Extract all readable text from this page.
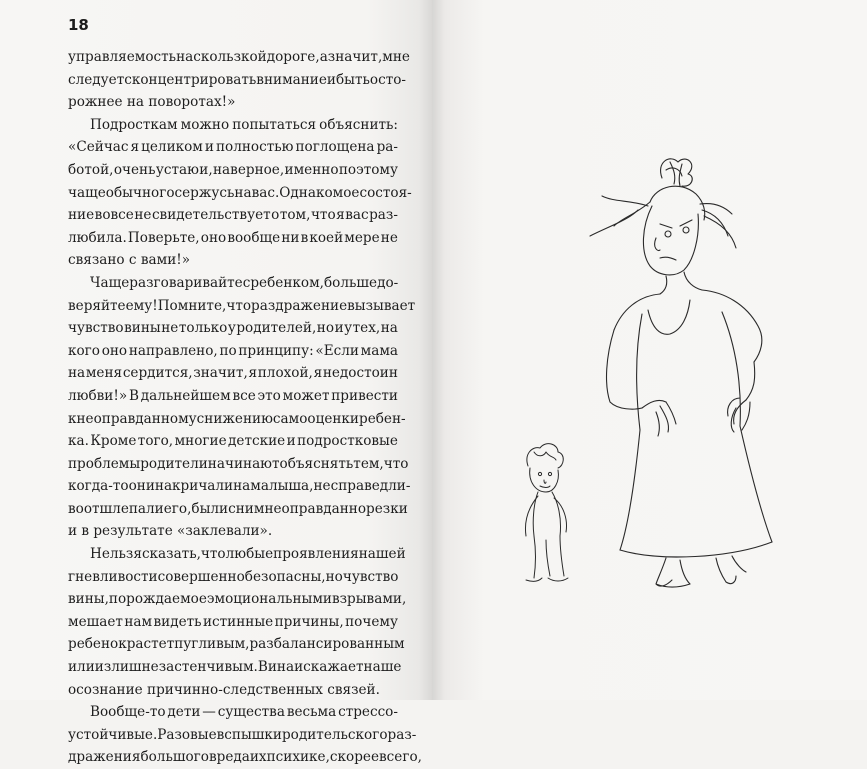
18
управляемость на скользкой дороге, а значит, мне
следует сконцентрировать внимание и быть осто-
рожнее на поворотах!»
Подросткам можно попытаться объяснить:
«Сейчас я целиком и полностью поглощена ра-
ботой, очень устаю и, наверное, именно поэтому
чаще обычного сержусь на вас. Однако мое состоя-
ние вовсе не свидетельствует о том, что я вас раз-
любила. Поверьте, оно вообще ни в коей мере не
связано с вами!»
Чаще разговаривайте с ребенком, больше до-
веряйте ему! Помните, что раздражение вызывает
чувство вины не только у родителей, но и у тех, на
кого оно направлено, по принципу: «Если мама
на меня сердится, значит, я плохой, я недостоин
любви!» В дальнейшем все это может привести
к неоправданному снижению самооценки ребен-
ка. Кроме того, многие детские и подростковые
проблемы родители начинают объяснять тем, что
когда-то они накричали на малыша, несправедли-
во отшлепали его, были с ним неоправданно резки
и в результате «заклевали».
Нельзя сказать, что любые проявления нашей
гневливости совершенно безопасны, но чувство
вины, порождаемое эмоциональными взрывами,
мешает нам видеть истинные причины, почему
ребенок растет пугливым, разбалансированным
или излишне застенчивым. Вина искажает наше
осознание причинно-следственных связей.
Вообще-то дети — существа весьма стрессо-
устойчивые. Разовые вспышки родительского раз-
дражения большого вреда их психике, скорее всего,
